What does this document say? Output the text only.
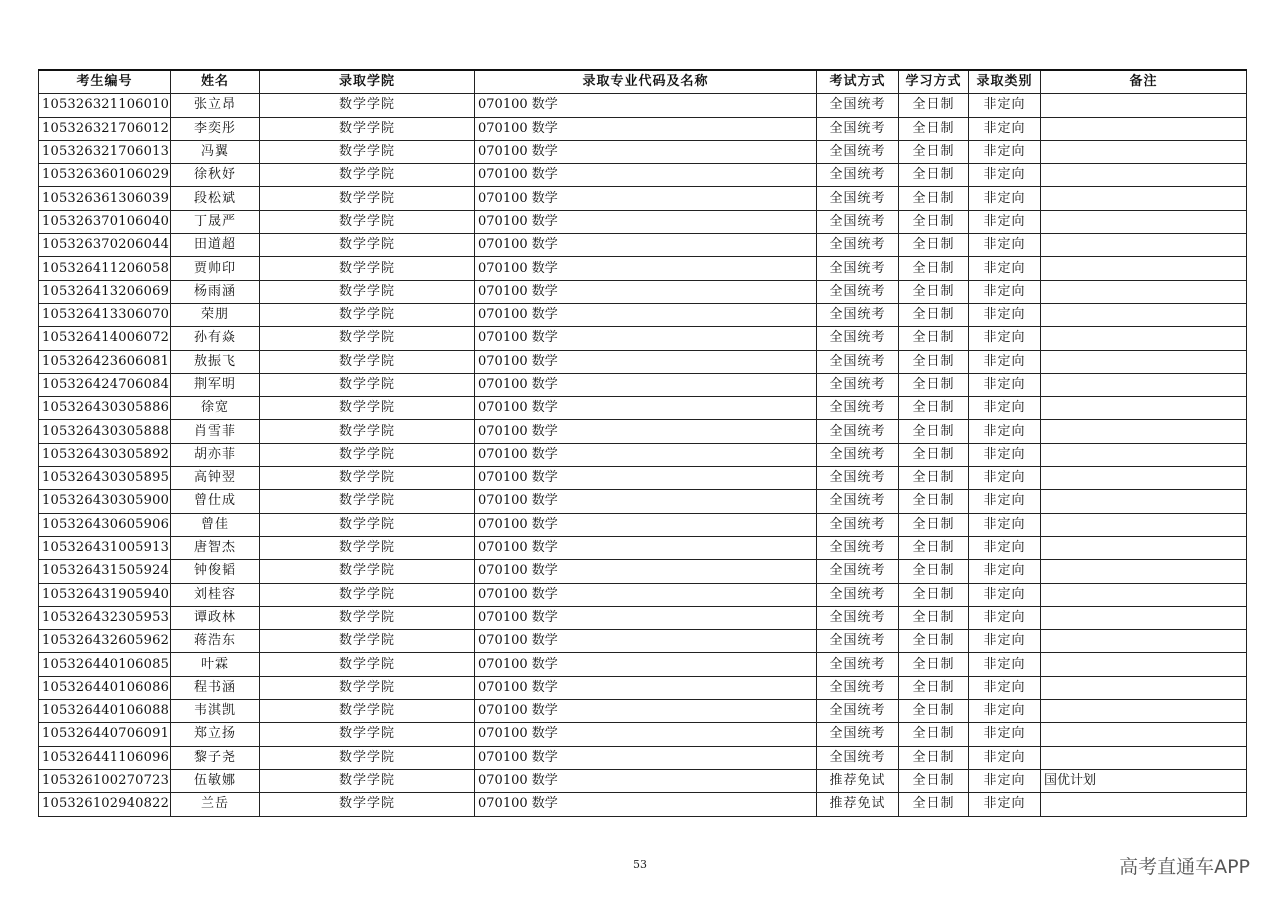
考生编号	姓名	录取学院	录取专业代码及名称	考试方式	学习方式	录取类别	备注
105326321106010	张立昂	数学学院	070100 数学	全国统考	全日制	非定向	
105326321706012	李奕彤	数学学院	070100 数学	全国统考	全日制	非定向	
105326321706013	冯翼	数学学院	070100 数学	全国统考	全日制	非定向	
105326360106029	徐秋妤	数学学院	070100 数学	全国统考	全日制	非定向	
105326361306039	段松斌	数学学院	070100 数学	全国统考	全日制	非定向	
105326370106040	丁晟严	数学学院	070100 数学	全国统考	全日制	非定向	
105326370206044	田道超	数学学院	070100 数学	全国统考	全日制	非定向	
105326411206058	贾帅印	数学学院	070100 数学	全国统考	全日制	非定向	
105326413206069	杨雨涵	数学学院	070100 数学	全国统考	全日制	非定向	
105326413306070	荣朋	数学学院	070100 数学	全国统考	全日制	非定向	
105326414006072	孙有焱	数学学院	070100 数学	全国统考	全日制	非定向	
105326423606081	敖振飞	数学学院	070100 数学	全国统考	全日制	非定向	
105326424706084	荆军明	数学学院	070100 数学	全国统考	全日制	非定向	
105326430305886	徐宽	数学学院	070100 数学	全国统考	全日制	非定向	
105326430305888	肖雪菲	数学学院	070100 数学	全国统考	全日制	非定向	
105326430305892	胡亦菲	数学学院	070100 数学	全国统考	全日制	非定向	
105326430305895	高钟翌	数学学院	070100 数学	全国统考	全日制	非定向	
105326430305900	曾仕成	数学学院	070100 数学	全国统考	全日制	非定向	
105326430605906	曾佳	数学学院	070100 数学	全国统考	全日制	非定向	
105326431005913	唐智杰	数学学院	070100 数学	全国统考	全日制	非定向	
105326431505924	钟俊韬	数学学院	070100 数学	全国统考	全日制	非定向	
105326431905940	刘桂容	数学学院	070100 数学	全国统考	全日制	非定向	
105326432305953	谭政林	数学学院	070100 数学	全国统考	全日制	非定向	
105326432605962	蒋浩东	数学学院	070100 数学	全国统考	全日制	非定向	
105326440106085	叶霖	数学学院	070100 数学	全国统考	全日制	非定向	
105326440106086	程书涵	数学学院	070100 数学	全国统考	全日制	非定向	
105326440106088	韦淇凯	数学学院	070100 数学	全国统考	全日制	非定向	
105326440706091	郑立扬	数学学院	070100 数学	全国统考	全日制	非定向	
105326441106096	黎子尧	数学学院	070100 数学	全国统考	全日制	非定向	
105326100270723	伍敏娜	数学学院	070100 数学	推荐免试	全日制	非定向	国优计划
105326102940822	兰岳	数学学院	070100 数学	推荐免试	全日制	非定向	
53	高考直通车APP
